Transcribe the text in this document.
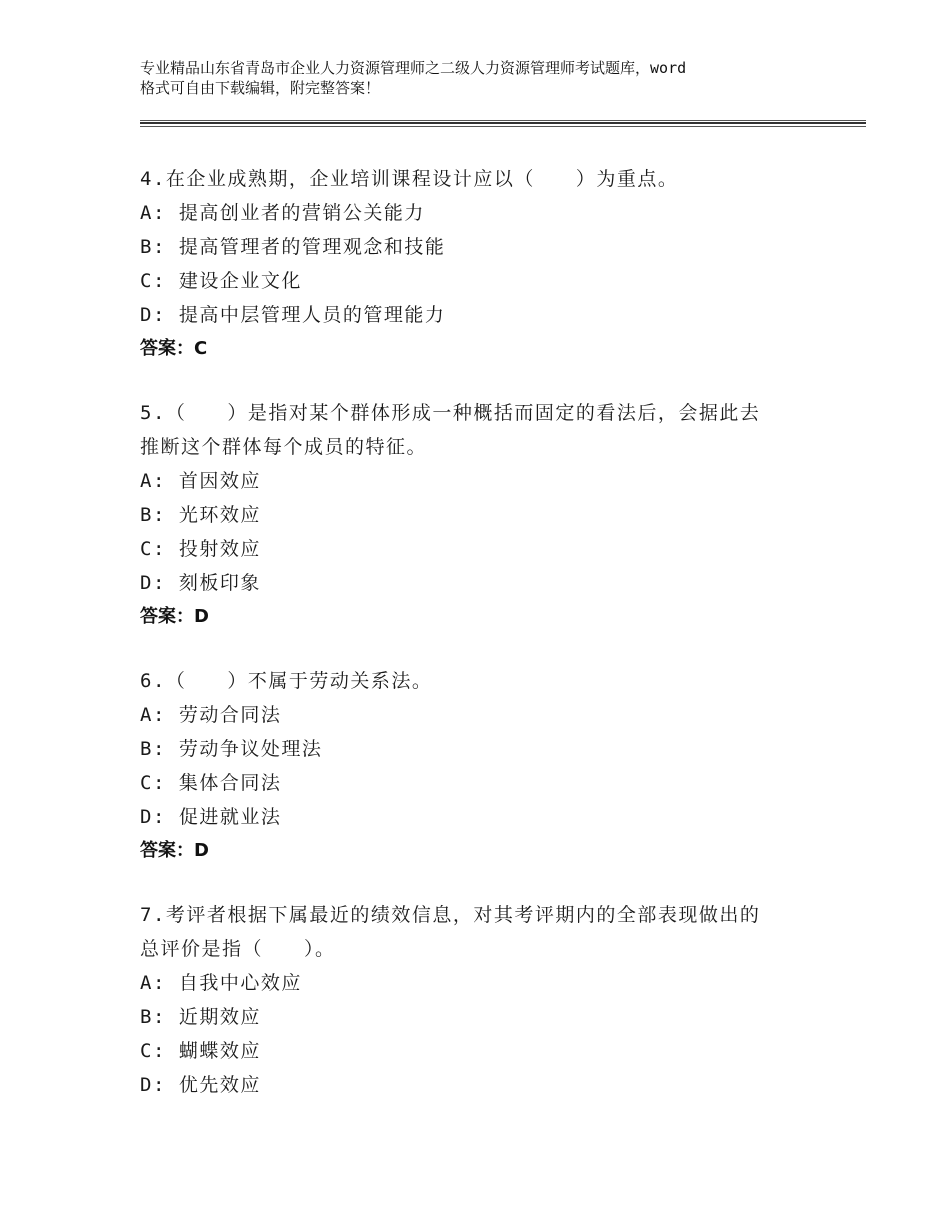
专业精品山东省青岛市企业人力资源管理师之二级人力资源管理师考试题库，word
格式可自由下载编辑，附完整答案！
4.在企业成熟期，企业培训课程设计应以（　　）为重点。
A: 提高创业者的营销公关能力
B: 提高管理者的管理观念和技能
C: 建设企业文化
D: 提高中层管理人员的管理能力
答案：C
5.（　　）是指对某个群体形成一种概括而固定的看法后，会据此去
推断这个群体每个成员的特征。
A: 首因效应
B: 光环效应
C: 投射效应
D: 刻板印象
答案：D
6.（　　）不属于劳动关系法。
A: 劳动合同法
B: 劳动争议处理法
C: 集体合同法
D: 促进就业法
答案：D
7.考评者根据下属最近的绩效信息，对其考评期内的全部表现做出的
总评价是指（　　）。
A: 自我中心效应
B: 近期效应
C: 蝴蝶效应
D: 优先效应
